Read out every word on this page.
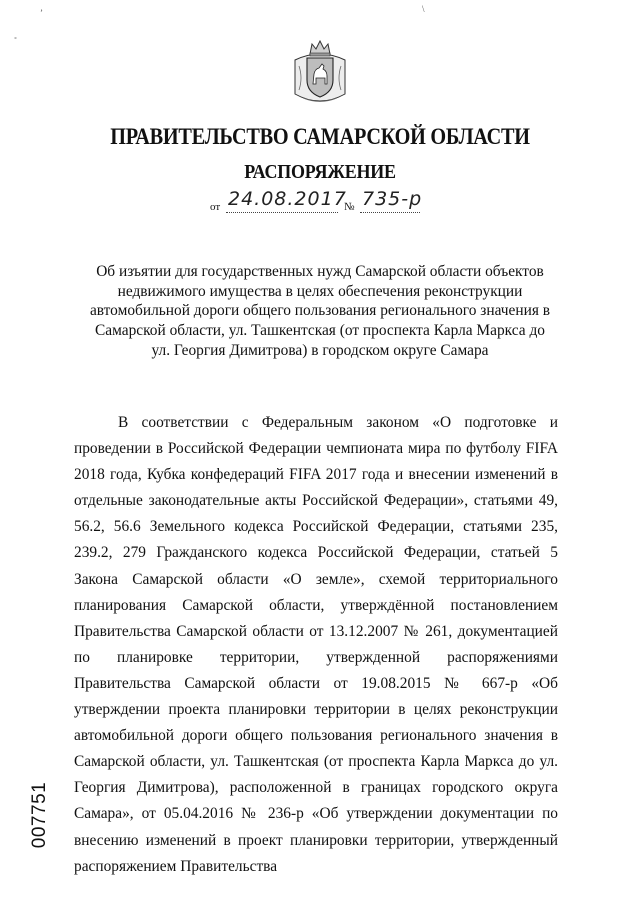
ʼ
˚
\
ПРАВИТЕЛЬСТВО САМАРСКОЙ ОБЛАСТИ
РАСПОРЯЖЕНИЕ
от 24.08.2017
№ 735-р
Об изъятии для государственных нужд Самарской области объектов недвижимого имущества в целях обеспечения реконструкции автомобильной дороги общего пользования регионального значения в Самарской области, ул. Ташкентская (от проспекта Карла Маркса до ул. Георгия Димитрова) в городском округе Самара
В соответствии с Федеральным законом «О подготовке и проведении в Российской Федерации чемпионата мира по футболу FIFA 2018 года, Кубка конфедераций FIFA 2017 года и внесении изменений в отдельные законодательные акты Российской Федерации», статьями 49, 56.2, 56.6 Земельного кодекса Российской Федерации, статьями 235, 239.2, 279 Гражданского кодекса Российской Федерации, статьей 5 Закона Самарской области «О земле», схемой территориального планирования Самарской области, утверждённой постановлением Правительства Самарской области от 13.12.2007 № 261, документацией по планировке территории, утвержденной распоряжениями Правительства Самарской области от 19.08.2015 № 667-р «Об утверждении проекта планировки территории в целях реконструкции автомобильной дороги общего пользования регионального значения в Самарской области, ул. Ташкентская (от проспекта Карла Маркса до ул. Георгия Димитрова), расположенной в границах городского округа Самара», от 05.04.2016 № 236-р «Об утверждении документации по внесению изменений в проект планировки территории, утвержденный распоряжением Правительства
007751
